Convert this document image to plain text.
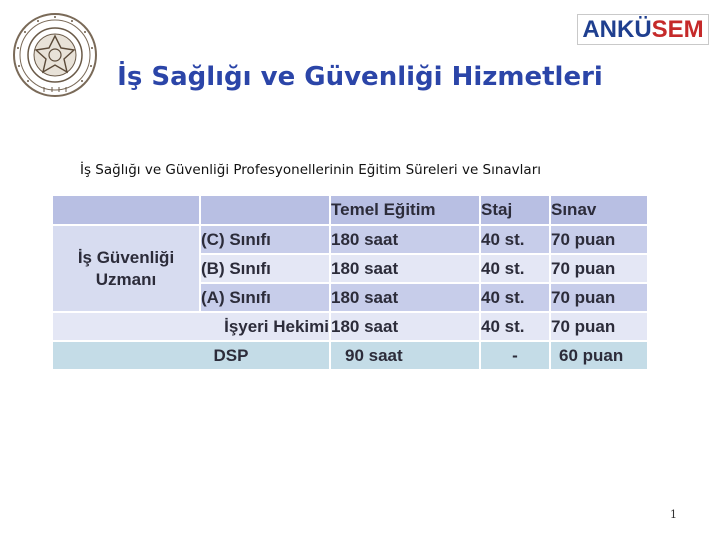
ANKÜ SEM
İş Sağlığı ve Güvenliği Hizmetleri
İş Sağlığı ve Güvenliği Profesyonellerinin Eğitim Süreleri ve Sınavları
		Temel Eğitim	Staj	Sınav

İş Güvenliği
Uzmanı	(C) Sınıfı	180 saat	40 st.	70 puan
	(B) Sınıfı	180 saat	40 st.	70 puan
	(A) Sınıfı	180 saat	40 st.	70 puan
İşyeri Hekimi		180 saat	40 st.	70 puan
DSP		90 saat	-	60 puan
1
